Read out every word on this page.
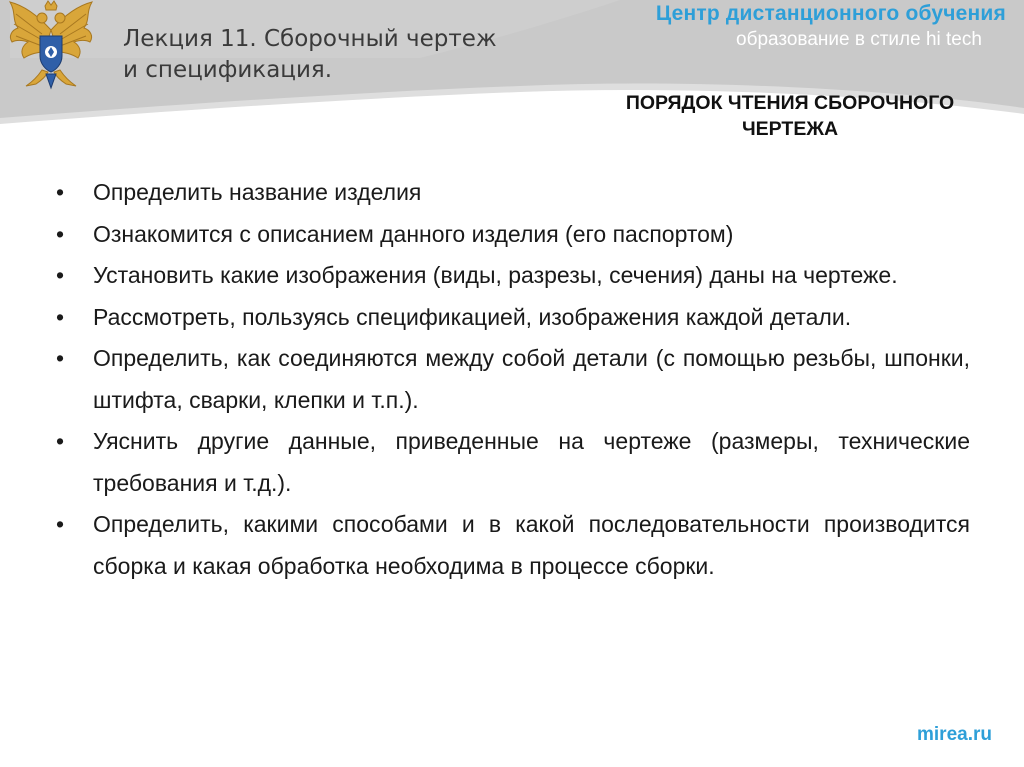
Лекция 11. Сборочный чертеж
и спецификация.
Центр дистанционного обучения
образование в стиле hi tech
ПОРЯДОК ЧТЕНИЯ СБОРОЧНОГО
ЧЕРТЕЖА
• Определить название изделия
• Ознакомится с описанием данного изделия (его паспортом)
• Установить какие изображения (виды, разрезы, сечения) даны на чертеже.
• Рассмотреть, пользуясь спецификацией, изображения каждой детали.
• Определить, как соединяются между собой детали (с помощью резьбы, шпонки, штифта, сварки, клепки и т.п.).
• Уяснить другие данные, приведенные на чертеже (размеры, технические требования и т.д.).
• Определить, какими способами и в какой последовательности производится сборка и какая обработка необходима в процессе сборки.
mirea.ru
